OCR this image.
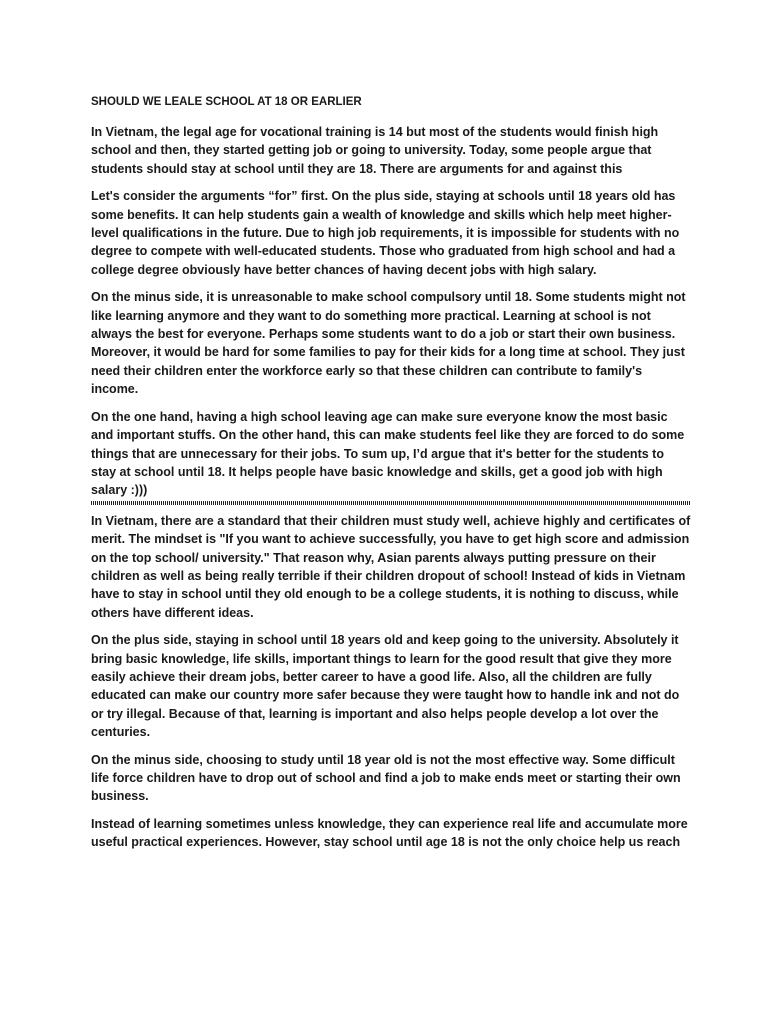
SHOULD WE LEALE SCHOOL AT 18 OR EARLIER

In Vietnam, the legal age for vocational training is 14 but most of the students would finish high school and then, they started getting job or going to university. Today, some people argue that students should stay at school until they are 18. There are arguments for and against this

Let's consider the arguments “for” first. On the plus side, staying at schools until 18 years old has some benefits. It can help students gain a wealth of knowledge and skills which help meet higher-level qualifications in the future. Due to high job requirements, it is impossible for students with no degree to compete with well-educated students. Those who graduated from high school and had a college degree obviously have better chances of having decent jobs with high salary.

On the minus side, it is unreasonable to make school compulsory until 18. Some students might not like learning anymore and they want to do something more practical. Learning at school is not always the best for everyone. Perhaps some students want to do a job or start their own business. Moreover, it would be hard for some families to pay for their kids for a long time at school. They just need their children enter the workforce early so that these children can contribute to family's income.

On the one hand, having a high school leaving age can make sure everyone know the most basic and important stuffs. On the other hand, this can make students feel like they are forced to do some things that are unnecessary for their jobs. To sum up, I’d argue that it's better for the students to stay at school until 18. It helps people have basic knowledge and skills, get a good job with high salary :)))

In Vietnam, there are a standard that their children must study well, achieve highly and certificates of merit. The mindset is "If you want to achieve successfully, you have to get high score and admission on the top school/ university." That reason why, Asian parents always putting pressure on their children as well as being really terrible if their children dropout of school! Instead of kids in Vietnam have to stay in school until they old enough to be a college students, it is nothing to discuss, while others have different ideas.

On the plus side, staying in school until 18 years old and keep going to the university. Absolutely it bring basic knowledge, life skills, important things to learn for the good result that give they more easily achieve their dream jobs, better career to have a good life. Also, all the children are fully educated can make our country more safer because they were taught how to handle ink and not do or try illegal. Because of that, learning is important and also helps people develop a lot over the centuries.

On the minus side, choosing to study until 18 year old is not the most effective way. Some difficult life force children have to drop out of school and find a job to make ends meet or starting their own business.

Instead of learning sometimes unless knowledge, they can experience real life and accumulate more useful practical experiences. However, stay school until age 18 is not the only choice help us reach
